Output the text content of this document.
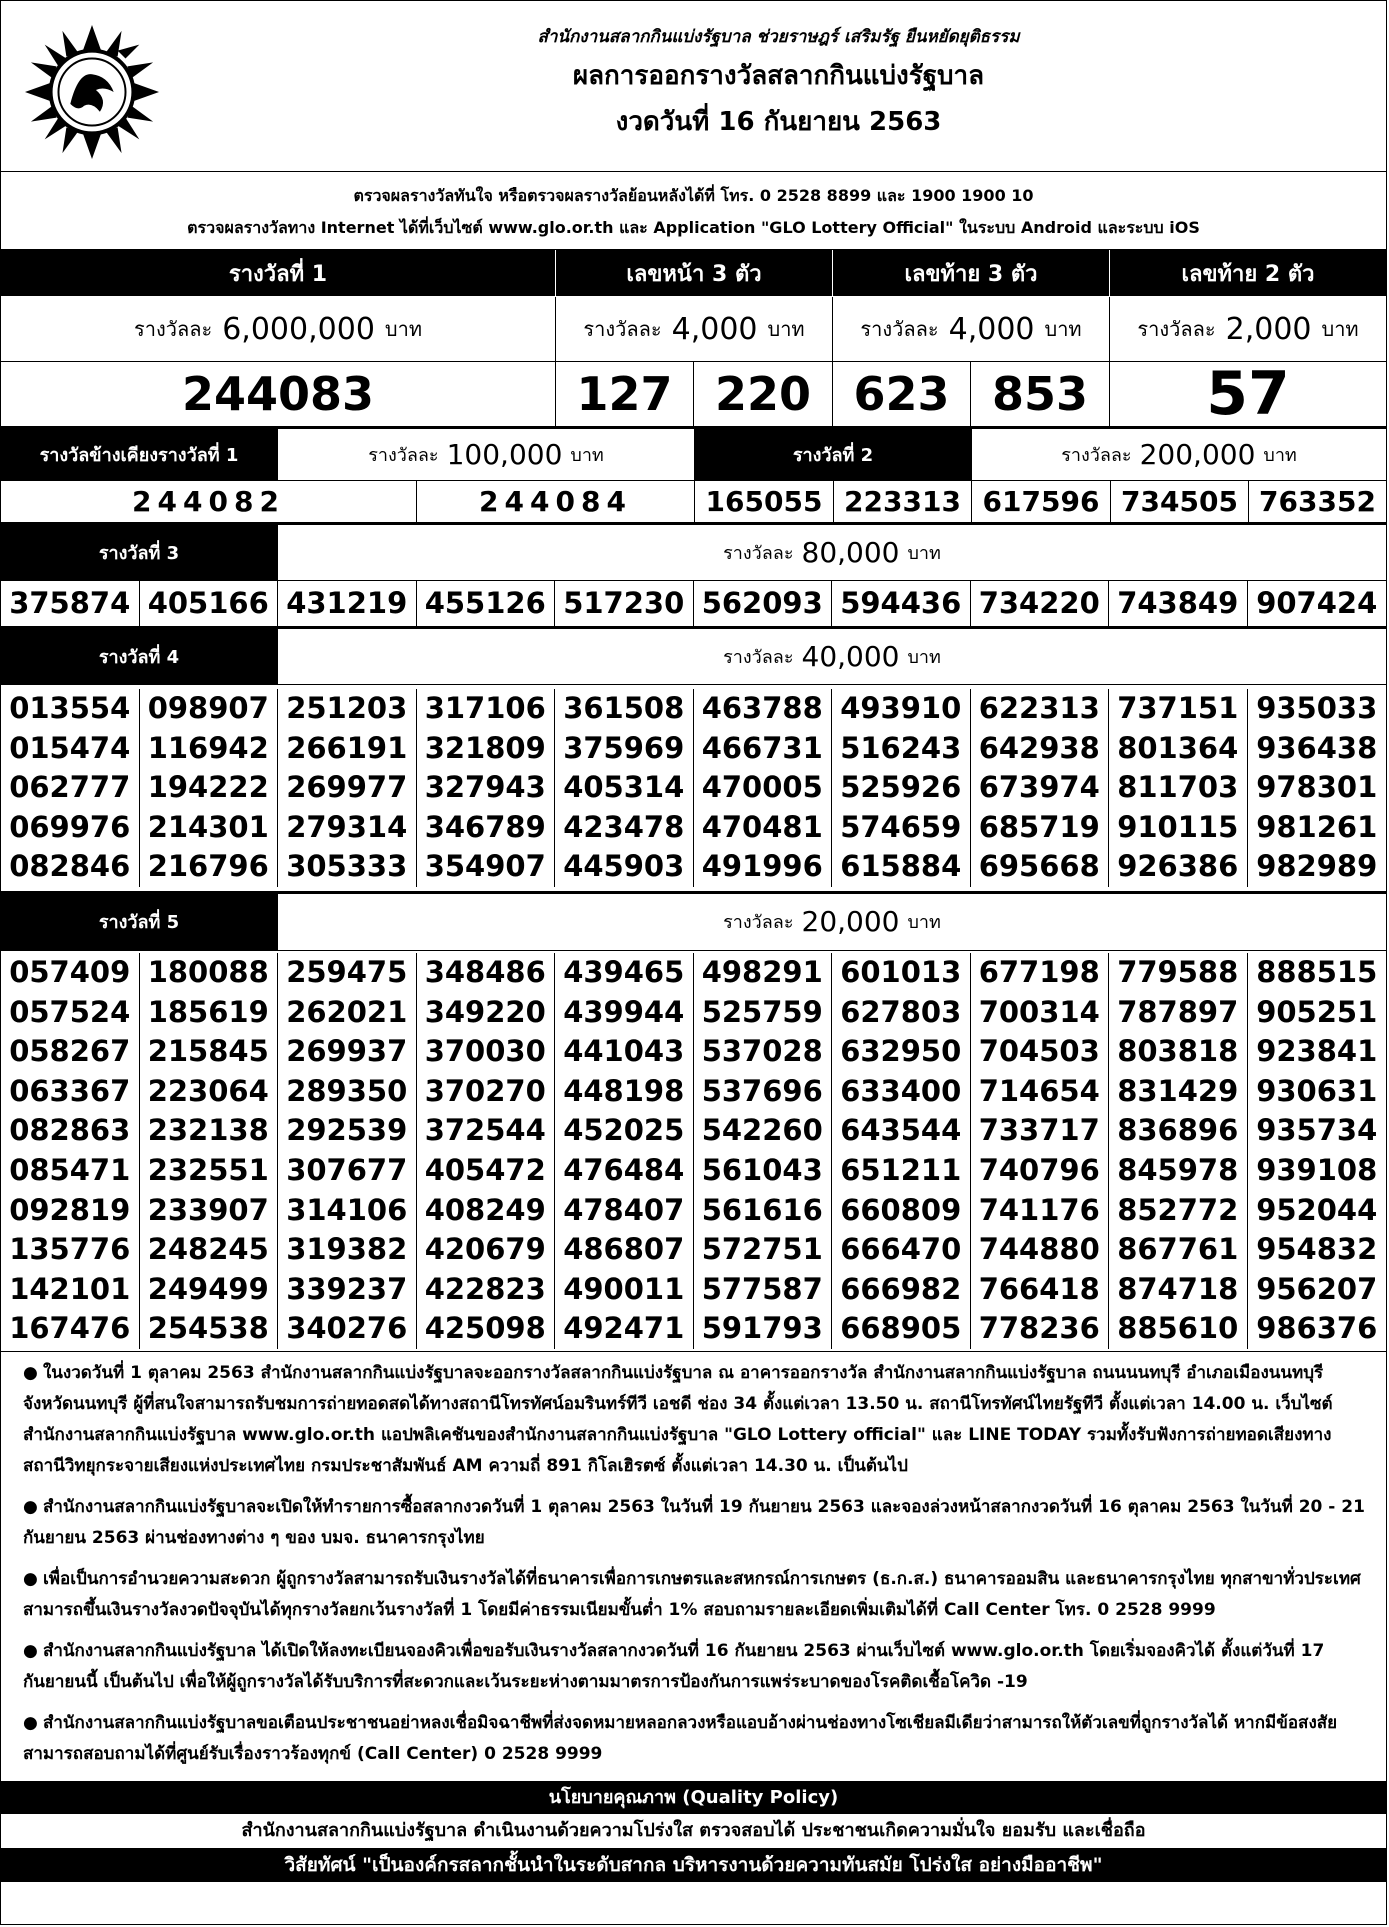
สำนักงานสลากกินแบ่งรัฐบาล ช่วยราษฎร์ เสริมรัฐ ยืนหยัดยุติธรรม
ผลการออกรางวัลสลากกินแบ่งรัฐบาล
งวดวันที่ 16 กันยายน 2563
ตรวจผลรางวัลทันใจ หรือตรวจผลรางวัลย้อนหลังได้ที่ โทร. 0 2528 8899 และ 1900 1900 10
ตรวจผลรางวัลทาง Internet ได้ที่เว็บไซต์ www.glo.or.th และ Application "GLO Lottery Official" ในระบบ Android และระบบ iOS
รางวัลที่ 1	เลขหน้า 3 ตัว	เลขท้าย 3 ตัว	เลขท้าย 2 ตัว
รางวัลละ 6,000,000 บาท	รางวัลละ 4,000 บาท	รางวัลละ 4,000 บาท	รางวัลละ 2,000 บาท
244083	127 220 623 853	57
รางวัลข้างเคียงรางวัลที่ 1	รางวัลละ 100,000 บาท	รางวัลที่ 2	รางวัลละ 200,000 บาท
244082	244084	165055 223313 617596 734505 763352
รางวัลที่ 3	รางวัลละ 80,000 บาท
375874 405166 431219 455126 517230 562093 594436 734220 743849 907424
รางวัลที่ 4	รางวัลละ 40,000 บาท
013554 098907 251203 317106 361508 463788 493910 622313 737151 935033
015474 116942 266191 321809 375969 466731 516243 642938 801364 936438
062777 194222 269977 327943 405314 470005 525926 673974 811703 978301
069976 214301 279314 346789 423478 470481 574659 685719 910115 981261
082846 216796 305333 354907 445903 491996 615884 695668 926386 982989
รางวัลที่ 5	รางวัลละ 20,000 บาท
057409 180088 259475 348486 439465 498291 601013 677198 779588 888515
057524 185619 262021 349220 439944 525759 627803 700314 787897 905251
058267 215845 269937 370030 441043 537028 632950 704503 803818 923841
063367 223064 289350 370270 448198 537696 633400 714654 831429 930631
082863 232138 292539 372544 452025 542260 643544 733717 836896 935734
085471 232551 307677 405472 476484 561043 651211 740796 845978 939108
092819 233907 314106 408249 478407 561616 660809 741176 852772 952044
135776 248245 319382 420679 486807 572751 666470 744880 867761 954832
142101 249499 339237 422823 490011 577587 666982 766418 874718 956207
167476 254538 340276 425098 492471 591793 668905 778236 885610 986376
● ในงวดวันที่ 1 ตุลาคม 2563 สำนักงานสลากกินแบ่งรัฐบาลจะออกรางวัลสลากกินแบ่งรัฐบาล ณ อาคารออกรางวัล สำนักงานสลากกินแบ่งรัฐบาล ถนนนนทบุรี อำเภอเมืองนนทบุรี จังหวัดนนทบุรี ผู้ที่สนใจสามารถรับชมการถ่ายทอดสดได้ทางสถานีโทรทัศน์อมรินทร์ทีวี เอชดี ช่อง 34 ตั้งแต่เวลา 13.50 น. สถานีโทรทัศน์ไทยรัฐทีวี ตั้งแต่เวลา 14.00 น. เว็บไซต์สำนักงานสลากกินแบ่งรัฐบาล www.glo.or.th แอปพลิเคชันของสำนักงานสลากกินแบ่งรัฐบาล "GLO Lottery official" และ LINE TODAY รวมทั้งรับฟังการถ่ายทอดเสียงทางสถานีวิทยุกระจายเสียงแห่งประเทศไทย กรมประชาสัมพันธ์ AM ความถี่ 891 กิโลเฮิรตซ์ ตั้งแต่เวลา 14.30 น. เป็นต้นไป
● สำนักงานสลากกินแบ่งรัฐบาลจะเปิดให้ทำรายการซื้อสลากงวดวันที่ 1 ตุลาคม 2563 ในวันที่ 19 กันยายน 2563 และจองล่วงหน้าสลากงวดวันที่ 16 ตุลาคม 2563 ในวันที่ 20 - 21 กันยายน 2563 ผ่านช่องทางต่าง ๆ ของ บมจ. ธนาคารกรุงไทย
● เพื่อเป็นการอำนวยความสะดวก ผู้ถูกรางวัลสามารถรับเงินรางวัลได้ที่ธนาคารเพื่อการเกษตรและสหกรณ์การเกษตร (ธ.ก.ส.) ธนาคารออมสิน และธนาคารกรุงไทย ทุกสาขาทั่วประเทศ สามารถขึ้นเงินรางวัลงวดปัจจุบันได้ทุกรางวัลยกเว้นรางวัลที่ 1 โดยมีค่าธรรมเนียมขั้นต่ำ 1% สอบถามรายละเอียดเพิ่มเติมได้ที่ Call Center โทร. 0 2528 9999
● สำนักงานสลากกินแบ่งรัฐบาล ได้เปิดให้ลงทะเบียนจองคิวเพื่อขอรับเงินรางวัลสลากงวดวันที่ 16 กันยายน 2563 ผ่านเว็บไซต์ www.glo.or.th โดยเริ่มจองคิวได้ ตั้งแต่วันที่ 17 กันยายนนี้ เป็นต้นไป เพื่อให้ผู้ถูกรางวัลได้รับบริการที่สะดวกและเว้นระยะห่างตามมาตรการป้องกันการแพร่ระบาดของโรคติดเชื้อโควิด -19
● สำนักงานสลากกินแบ่งรัฐบาลขอเตือนประชาชนอย่าหลงเชื่อมิจฉาชีพที่ส่งจดหมายหลอกลวงหรือแอบอ้างผ่านช่องทางโซเชียลมีเดียว่าสามารถให้ตัวเลขที่ถูกรางวัลได้ หากมีข้อสงสัย สามารถสอบถามได้ที่ศูนย์รับเรื่องราวร้องทุกข์ (Call Center) 0 2528 9999
นโยบายคุณภาพ (Quality Policy)
สำนักงานสลากกินแบ่งรัฐบาล ดำเนินงานด้วยความโปร่งใส ตรวจสอบได้ ประชาชนเกิดความมั่นใจ ยอมรับ และเชื่อถือ
วิสัยทัศน์ "เป็นองค์กรสลากชั้นนำในระดับสากล บริหารงานด้วยความทันสมัย โปร่งใส อย่างมืออาชีพ"
